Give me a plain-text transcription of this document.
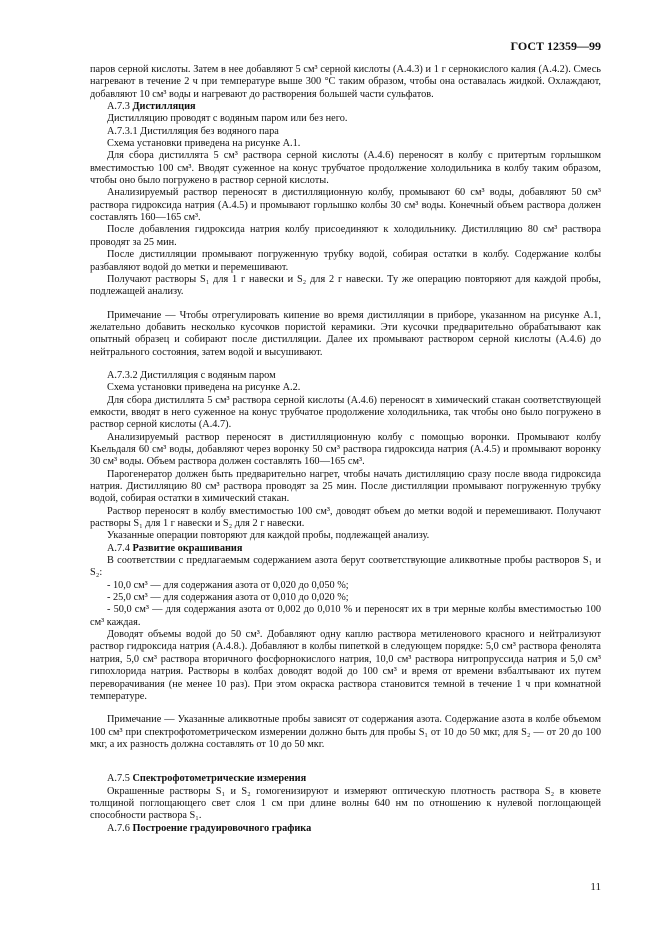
ГОСТ 12359—99

паров серной кислоты. Затем в нее добавляют 5 см³ серной кислоты (А.4.3) и 1 г сернокислого калия (А.4.2). Смесь нагревают в течение 2 ч при температуре выше 300 °С таким образом, чтобы она оставалась жидкой. Охлаждают, добавляют 10 см³ воды и нагревают до растворения большей части сульфатов.

А.7.3 Дистилляция

Дистилляцию проводят с водяным паром или без него.

А.7.3.1 Дистилляция без водяного пара

Схема установки приведена на рисунке А.1.

Для сбора дистиллята 5 см³ раствора серной кислоты (А.4.6) переносят в колбу с притертым горлышком вместимостью 100 см³. Вводят суженное на конус трубчатое продолжение холодильника в колбу таким образом, чтобы оно было погружено в раствор серной кислоты.

Анализируемый раствор переносят в дистилляционную колбу, промывают 60 см³ воды, добавляют 50 см³ раствора гидроксида натрия (А.4.5) и промывают горлышко колбы 30 см³ воды. Конечный объем раствора должен составлять 160—165 см³.

После добавления гидроксида натрия колбу присоединяют к холодильнику. Дистилляцию 80 см³ раствора проводят за 25 мин.

После дистилляции промывают погруженную трубку водой, собирая остатки в колбу. Содержание колбы разбавляют водой до метки и перемешивают.

Получают растворы S₁ для 1 г навески и S₂ для 2 г навески. Ту же операцию повторяют для каждой пробы, подлежащей анализу.

Примечание — Чтобы отрегулировать кипение во время дистилляции в приборе, указанном на рисунке А.1, желательно добавить несколько кусочков пористой керамики. Эти кусочки предварительно обрабатывают как опытный образец и собирают после дистилляции. Далее их промывают раствором серной кислоты (А.4.6) до нейтрального состояния, затем водой и высушивают.

А.7.3.2 Дистилляция с водяным паром

Схема установки приведена на рисунке А.2.

Для сбора дистиллята 5 см³ раствора серной кислоты (А.4.6) переносят в химический стакан соответствующей емкости, вводят в него суженное на конус трубчатое продолжение холодильника, так чтобы оно было погружено в раствор серной кислоты (А.4.7).

Анализируемый раствор переносят в дистилляционную колбу с помощью воронки. Промывают колбу Кьельдаля 60 см³ воды, добавляют через воронку 50 см³ раствора гидроксида натрия (А.4.5) и промывают воронку 30 см³ воды. Объем раствора должен составлять 160—165 см³.

Парогенератор должен быть предварительно нагрет, чтобы начать дистилляцию сразу после ввода гидроксида натрия. Дистилляцию 80 см³ раствора проводят за 25 мин. После дистилляции промывают погруженную трубку водой, собирая остатки в химический стакан.

Раствор переносят в колбу вместимостью 100 см³, доводят объем до метки водой и перемешивают. Получают растворы S₁ для 1 г навески и S₂ для 2 г навески.

Указанные операции повторяют для каждой пробы, подлежащей анализу.

А.7.4 Развитие окрашивания

В соответствии с предлагаемым содержанием азота берут соответствующие аликвотные пробы растворов S₁ и S₂:

- 10,0 см³ — для содержания азота от 0,020 до 0,050 %;

- 25,0 см³ — для содержания азота от 0,010 до 0,020 %;

- 50,0 см³ — для содержания азота от 0,002 до 0,010 % и переносят их в три мерные колбы вместимостью 100 см³ каждая.

Доводят объемы водой до 50 см³. Добавляют одну каплю раствора метиленового красного и нейтрализуют раствор гидроксида натрия (А.4.8.). Добавляют в колбы пипеткой в следующем порядке: 5,0 см³ раствора фенолята натрия, 5,0 см³ раствора вторичного фосфорнокислого натрия, 10,0 см³ раствора нитропруссида натрия и 5,0 см³ гипохлорида натрия. Растворы в колбах доводят водой до 100 см³ и время от времени взбалтывают их путем переворачивания (не менее 10 раз). При этом окраска раствора становится темной в течение 1 ч при комнатной температуре.

Примечание — Указанные аликвотные пробы зависят от содержания азота. Содержание азота в колбе объемом 100 см³ при спектрофотометрическом измерении должно быть для пробы S₁ от 10 до 50 мкг, для S₂ — от 20 до 100 мкг, а их разность должна составлять от 10 до 50 мкг.

А.7.5 Спектрофотометрические измерения

Окрашенные растворы S₁ и S₂ гомогенизируют и измеряют оптическую плотность раствора S₂ в кювете толщиной поглощающего свет слоя 1 см при длине волны 640 нм по отношению к нулевой поглощающей способности раствора S₁.

А.7.6 Построение градуировочного графика

11
